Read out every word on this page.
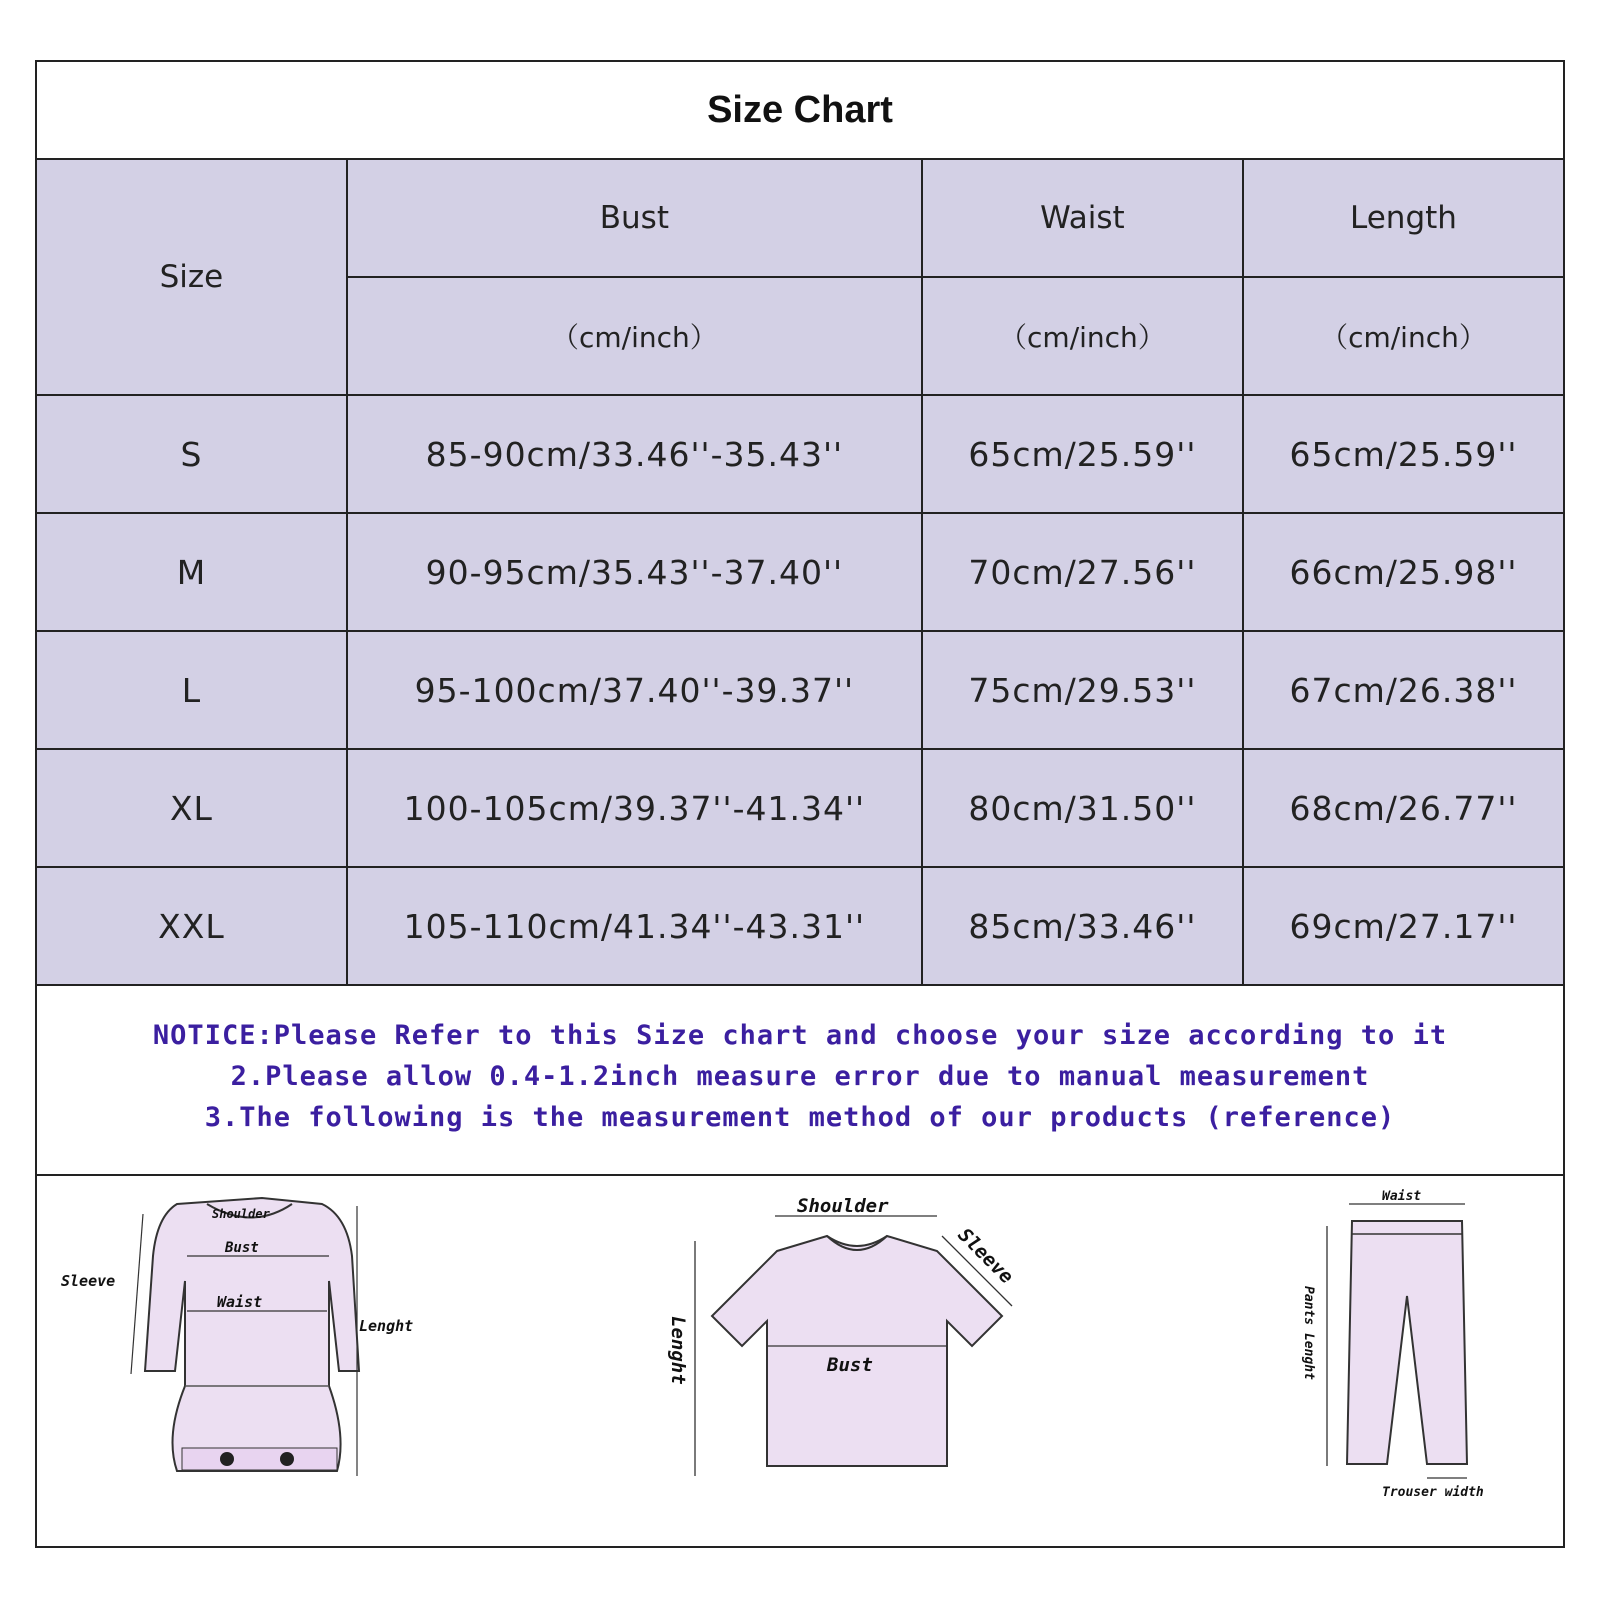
Size Chart
Size	Bust	Waist	Length
	（cm/inch）	（cm/inch）	（cm/inch）
S	85-90cm/33.46''-35.43''	65cm/25.59''	65cm/25.59''
M	90-95cm/35.43''-37.40''	70cm/27.56''	66cm/25.98''
L	95-100cm/37.40''-39.37''	75cm/29.53''	67cm/26.38''
XL	100-105cm/39.37''-41.34''	80cm/31.50''	68cm/26.77''
XXL	105-110cm/41.34''-43.31''	85cm/33.46''	69cm/27.17''
NOTICE:Please Refer to this Size chart and choose your size according to it
2.Please allow 0.4-1.2inch measure error due to manual measurement
3.The following is the measurement method of our products (reference)
Shoulder
Bust
Waist
Sleeve
Lenght
Shoulder
Sleeve
Bust
Lenght
Waist
Pants Lenght
Trouser width
